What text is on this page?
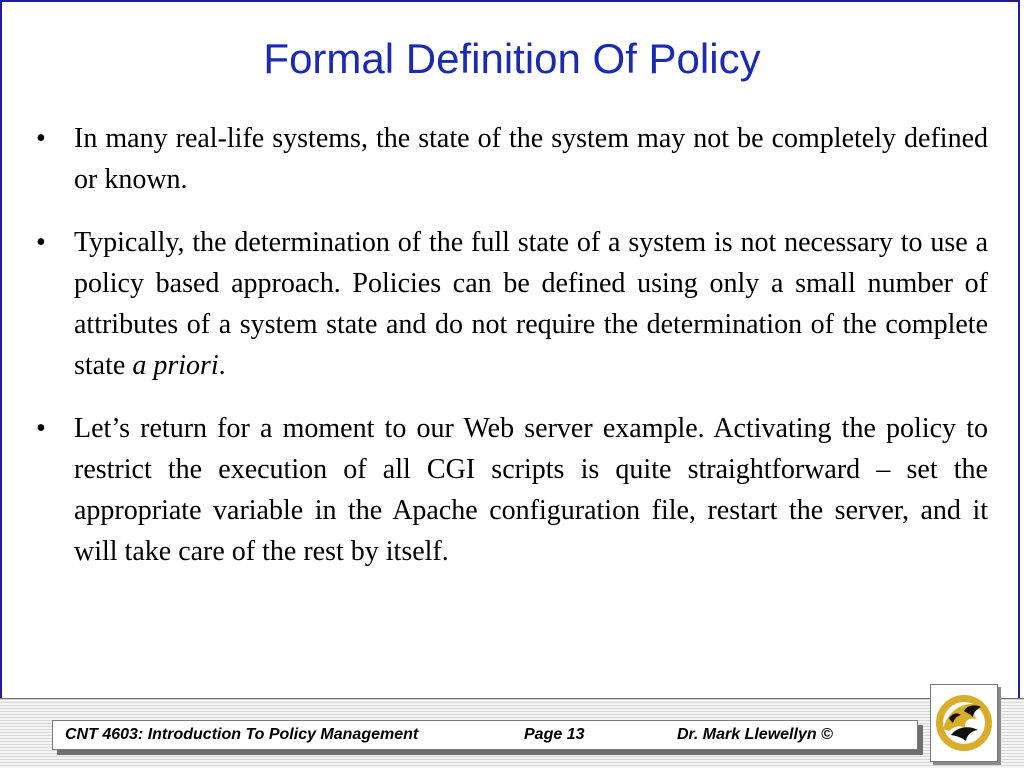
Formal Definition Of Policy
•	In many real-life systems, the state of the system may not be completely defined or known.
•	Typically, the determination of the full state of a system is not necessary to use a policy based approach. Policies can be defined using only a small number of attributes of a system state and do not require the determination of the complete state a priori.
•	Let’s return for a moment to our Web server example. Activating the policy to restrict the execution of all CGI scripts is quite straightforward – set the appropriate variable in the Apache configuration file, restart the server, and it will take care of the rest by itself.
CNT 4603: Introduction To Policy Management	Page 13	Dr. Mark Llewellyn ©
